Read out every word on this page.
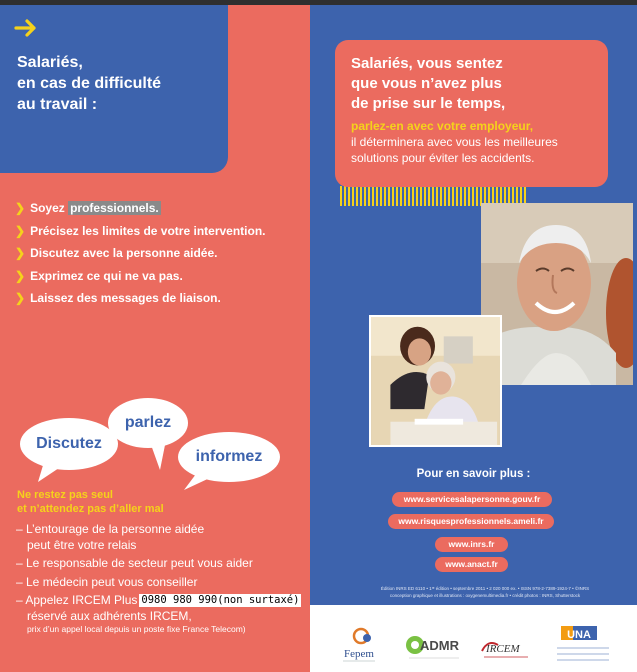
Salariés,
en cas de difficulté
au travail :
❯ Soyez professionnels.
❯ Précisez les limites de votre intervention.
❯ Discutez avec la personne aidée.
❯ Exprimez ce qui ne va pas.
❯ Laissez des messages de liaison.
Discutez
parlez
informez
Ne restez pas seul
et n’attendez pas d’aller mal
– L’entourage de la personne aidée
peut être votre relais
– Le responsable de secteur peut vous aider
– Le médecin peut vous conseiller
– Appelez IRCEM Plus 0980 980 990(non surtaxé)
réservé aux adhérents IRCEM,
prix d’un appel local depuis un poste fixe France Telecom)
Salariés, vous sentez
que vous n’avez plus
de prise sur le temps,
parlez-en avec votre employeur,
il déterminera avec vous les meilleures
solutions pour éviter les accidents.
Pour en savoir plus :
www.servicesalapersonne.gouv.fr
www.risquesprofessionnels.ameli.fr
www.inrs.fr
www.anact.fr
Édition INRS ED 6110 • 1ʳᵉ édition • septembre 2011 • 2 020 000 ex. • ISSN 978-2-7389-1924-7 • ©INRS
conception graphique et illustrations : oxygenemultimedia.fr • crédit photos : INRS, Shutterstock
Fepem
ADMR IRCEM
UNA
